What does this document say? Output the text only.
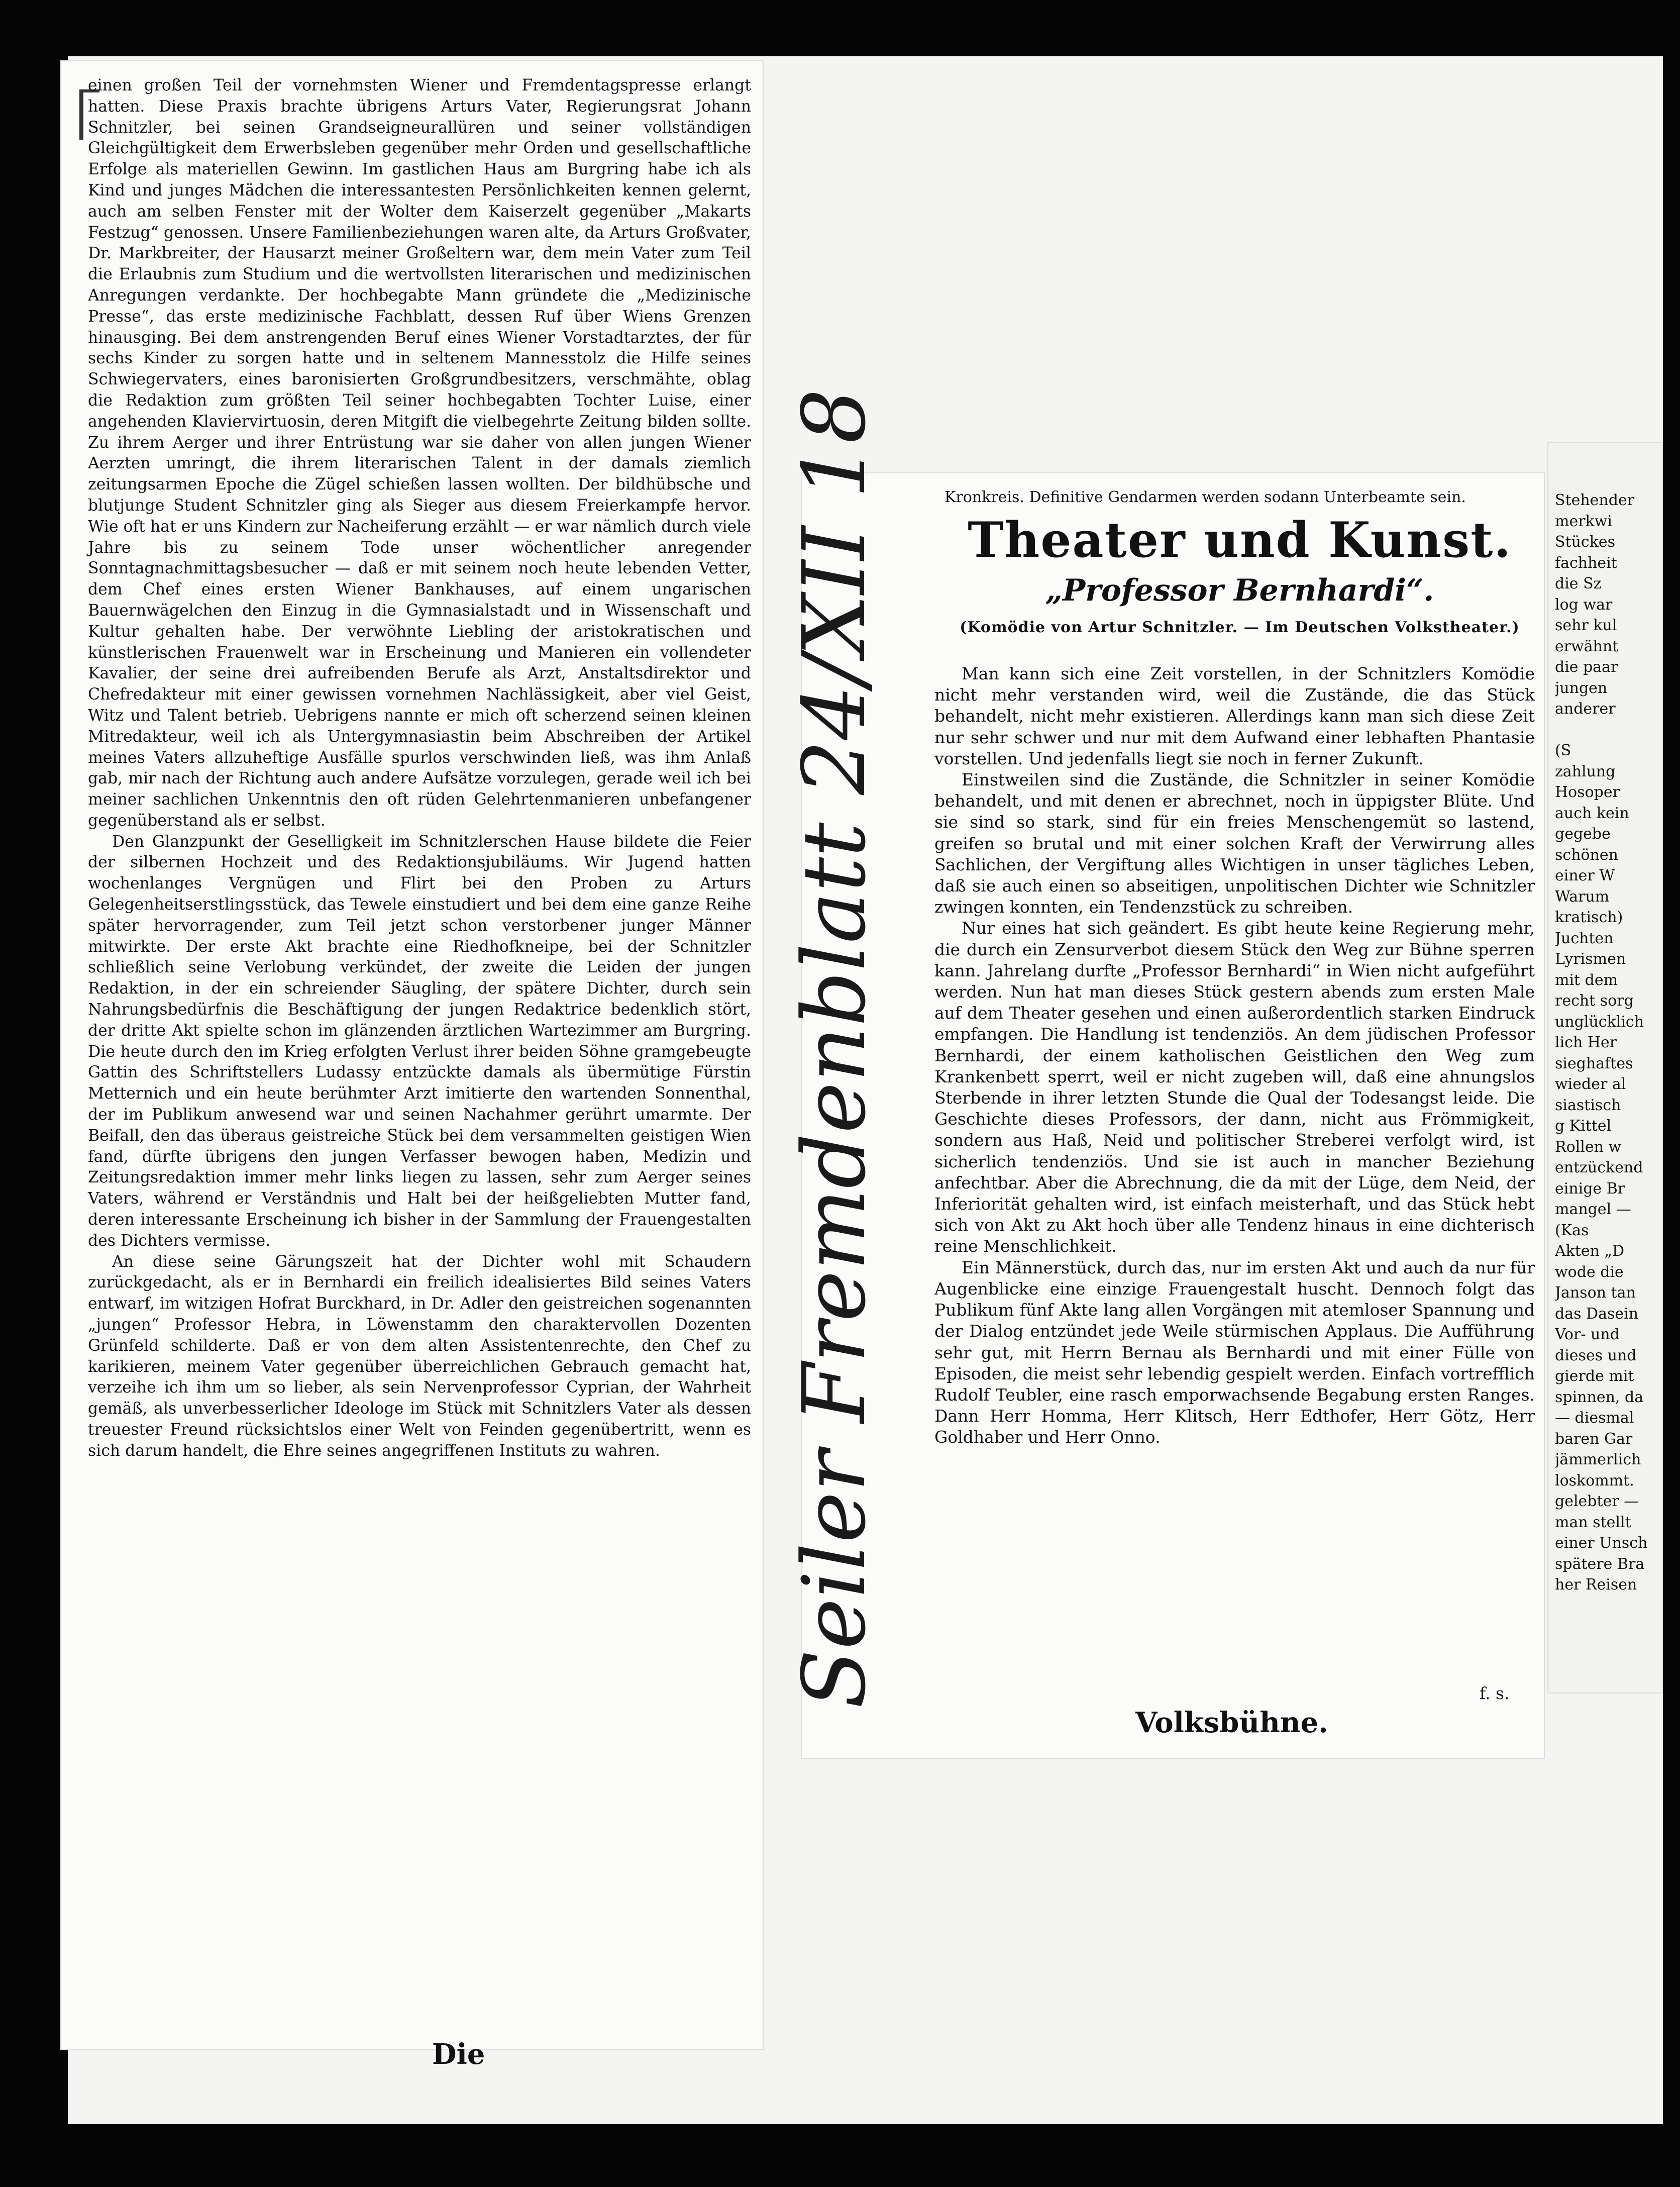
einen großen Teil der vornehmsten Wiener und Fremdentagspresse erlangt hatten. Diese Praxis brachte übrigens Arturs Vater, Regierungsrat Johann Schnitzler, bei seinen Grandseigneurallüren und seiner vollständigen Gleichgültigkeit dem Erwerbsleben gegenüber mehr Orden und gesellschaftliche Erfolge als materiellen Gewinn. Im gastlichen Haus am Burgring habe ich als Kind und junges Mädchen die interessantesten Persönlichkeiten kennen gelernt, auch am selben Fenster mit der Wolter dem Kaiserzelt gegenüber „Makarts Festzug“ genossen. Unsere Familienbeziehungen waren alte, da Arturs Großvater, Dr. Markbreiter, der Hausarzt meiner Großeltern war, dem mein Vater zum Teil die Erlaubnis zum Studium und die wertvollsten literarischen und medizinischen Anregungen verdankte. Der hochbegabte Mann gründete die „Medizinische Presse“, das erste medizinische Fachblatt, dessen Ruf über Wiens Grenzen hinausging. Bei dem anstrengenden Beruf eines Wiener Vorstadtarztes, der für sechs Kinder zu sorgen hatte und in seltenem Mannesstolz die Hilfe seines Schwiegervaters, eines baronisierten Großgrundbesitzers, verschmähte, oblag die Redaktion zum größten Teil seiner hochbegabten Tochter Luise, einer angehenden Klaviervirtuosin, deren Mitgift die vielbegehrte Zeitung bilden sollte. Zu ihrem Aerger und ihrer Entrüstung war sie daher von allen jungen Wiener Aerzten umringt, die ihrem literarischen Talent in der damals ziemlich zeitungsarmen Epoche die Zügel schießen lassen wollten. Der bildhübsche und blutjunge Student Schnitzler ging als Sieger aus diesem Freierkampfe hervor. Wie oft hat er uns Kindern zur Nacheiferung erzählt — er war nämlich durch viele Jahre bis zu seinem Tode unser wöchentlicher anregender Sonntagnachmittagsbesucher — daß er mit seinem noch heute lebenden Vetter, dem Chef eines ersten Wiener Bankhauses, auf einem ungarischen Bauernwägelchen den Einzug in die Gymnasialstadt und in Wissenschaft und Kultur gehalten habe. Der verwöhnte Liebling der aristokratischen und künstlerischen Frauenwelt war in Erscheinung und Manieren ein vollendeter Kavalier, der seine drei aufreibenden Berufe als Arzt, Anstaltsdirektor und Chefredakteur mit einer gewissen vornehmen Nachlässigkeit, aber viel Geist, Witz und Talent betrieb. Uebrigens nannte er mich oft scherzend seinen kleinen Mitredakteur, weil ich als Untergymnasiastin beim Abschreiben der Artikel meines Vaters allzuheftige Ausfälle spurlos verschwinden ließ, was ihm Anlaß gab, mir nach der Richtung auch andere Aufsätze vorzulegen, gerade weil ich bei meiner sachlichen Unkenntnis den oft rüden Gelehrtenmanieren unbefangener gegenüberstand als er selbst.

Den Glanzpunkt der Geselligkeit im Schnitzlerschen Hause bildete die Feier der silbernen Hochzeit und des Redaktionsjubiläums. Wir Jugend hatten wochenlanges Vergnügen und Flirt bei den Proben zu Arturs Gelegenheitserstlingsstück, das Tewele einstudiert und bei dem eine ganze Reihe später hervorragender, zum Teil jetzt schon verstorbener junger Männer mitwirkte. Der erste Akt brachte eine Riedhofkneipe, bei der Schnitzler schließlich seine Verlobung verkündet, der zweite die Leiden der jungen Redaktion, in der ein schreiender Säugling, der spätere Dichter, durch sein Nahrungsbedürfnis die Beschäftigung der jungen Redaktrice bedenklich stört, der dritte Akt spielte schon im glänzenden ärztlichen Wartezimmer am Burgring. Die heute durch den im Krieg erfolgten Verlust ihrer beiden Söhne gramgebeugte Gattin des Schriftstellers Ludassy entzückte damals als übermütige Fürstin Metternich und ein heute berühmter Arzt imitierte den wartenden Sonnenthal, der im Publikum anwesend war und seinen Nachahmer gerührt umarmte. Der Beifall, den das überaus geistreiche Stück bei dem versammelten geistigen Wien fand, dürfte übrigens den jungen Verfasser bewogen haben, Medizin und Zeitungsredaktion immer mehr links liegen zu lassen, sehr zum Aerger seines Vaters, während er Verständnis und Halt bei der heißgeliebten Mutter fand, deren interessante Erscheinung ich bisher in der Sammlung der Frauengestalten des Dichters vermisse.

An diese seine Gärungszeit hat der Dichter wohl mit Schaudern zurückgedacht, als er in Bernhardi ein freilich idealisiertes Bild seines Vaters entwarf, im witzigen Hofrat Burckhard, in Dr. Adler den geistreichen sogenannten „jungen“ Professor Hebra, in Löwenstamm den charaktervollen Dozenten Grünfeld schilderte. Daß er von dem alten Assistentenrechte, den Chef zu karikieren, meinem Vater gegenüber überreichlichen Gebrauch gemacht hat, verzeihe ich ihm um so lieber, als sein Nervenprofessor Cyprian, der Wahrheit gemäß, als unverbesserlicher Ideologe im Stück mit Schnitzlers Vater als dessen treuester Freund rücksichtslos einer Welt von Feinden gegenübertritt, wenn es sich darum handelt, die Ehre seines angegriffenen Instituts zu wahren.

Die
Kronkreis. Definitive Gendarmen werden sodann Unterbeamte sein.
Theater und Kunst.
„Professor Bernhardi“.
(Komödie von Artur Schnitzler. — Im Deutschen Volkstheater.)

Man kann sich eine Zeit vorstellen, in der Schnitzlers Komödie nicht mehr verstanden wird, weil die Zustände, die das Stück behandelt, nicht mehr existieren. Allerdings kann man sich diese Zeit nur sehr schwer und nur mit dem Aufwand einer lebhaften Phantasie vorstellen. Und jedenfalls liegt sie noch in ferner Zukunft.

Einstweilen sind die Zustände, die Schnitzler in seiner Komödie behandelt, und mit denen er abrechnet, noch in üppigster Blüte. Und sie sind so stark, sind für ein freies Menschengemüt so lastend, greifen so brutal und mit einer solchen Kraft der Verwirrung alles Sachlichen, der Vergiftung alles Wichtigen in unser tägliches Leben, daß sie auch einen so abseitigen, unpolitischen Dichter wie Schnitzler zwingen konnten, ein Tendenzstück zu schreiben.

Nur eines hat sich geändert. Es gibt heute keine Regierung mehr, die durch ein Zensurverbot diesem Stück den Weg zur Bühne sperren kann. Jahrelang durfte „Professor Bernhardi“ in Wien nicht aufgeführt werden. Nun hat man dieses Stück gestern abends zum ersten Male auf dem Theater gesehen und einen außerordentlich starken Eindruck empfangen. Die Handlung ist tendenziös. An dem jüdischen Professor Bernhardi, der einem katholischen Geistlichen den Weg zum Krankenbett sperrt, weil er nicht zugeben will, daß eine ahnungslos Sterbende in ihrer letzten Stunde die Qual der Todesangst leide. Die Geschichte dieses Professors, der dann, nicht aus Frömmigkeit, sondern aus Haß, Neid und politischer Streberei verfolgt wird, ist sicherlich tendenziös. Und sie ist auch in mancher Beziehung anfechtbar. Aber die Abrechnung, die da mit der Lüge, dem Neid, der Inferiorität gehalten wird, ist einfach meisterhaft, und das Stück hebt sich von Akt zu Akt hoch über alle Tendenz hinaus in eine dichterisch reine Menschlichkeit.

Ein Männerstück, durch das, nur im ersten Akt und auch da nur für Augenblicke eine einzige Frauengestalt huscht. Dennoch folgt das Publikum fünf Akte lang allen Vorgängen mit atemloser Spannung und der Dialog entzündet jede Weile stürmischen Applaus. Die Aufführung sehr gut, mit Herrn Bernau als Bernhardi und mit einer Fülle von Episoden, die meist sehr lebendig gespielt werden. Einfach vortrefflich Rudolf Teubler, eine rasch emporwachsende Begabung ersten Ranges. Dann Herr Homma, Herr Klitsch, Herr Edthofer, Herr Götz, Herr Goldhaber und Herr Onno.

f. s.
Volksbühne.
Stehender
merkwi
Stückes
fachheit
die Sz
log war
sehr kul
erwähnt
die paar
jungen
anderer

(S
zahlung
Hosoper
auch kein
gegebe
schönen
einer W
Warum
kratisch)
Juchten
Lyrismen
mit dem
recht sorg
unglücklich
lich Her
sieghaftes
wieder al
siastisch
g Kittel
Rollen w
entzückend
einige Br
mangel —
(Kas
Akten „D
wode die
Janson tan
das Dasein
Vor- und
dieses und
gierde mit
spinnen, da
— diesmal
baren Gar
jämmerlich
loskommt.
gelebter —
man stellt
einer Unsch
spätere Bra
her Reisen
Seiler Fremdenblatt 24/XII 18
